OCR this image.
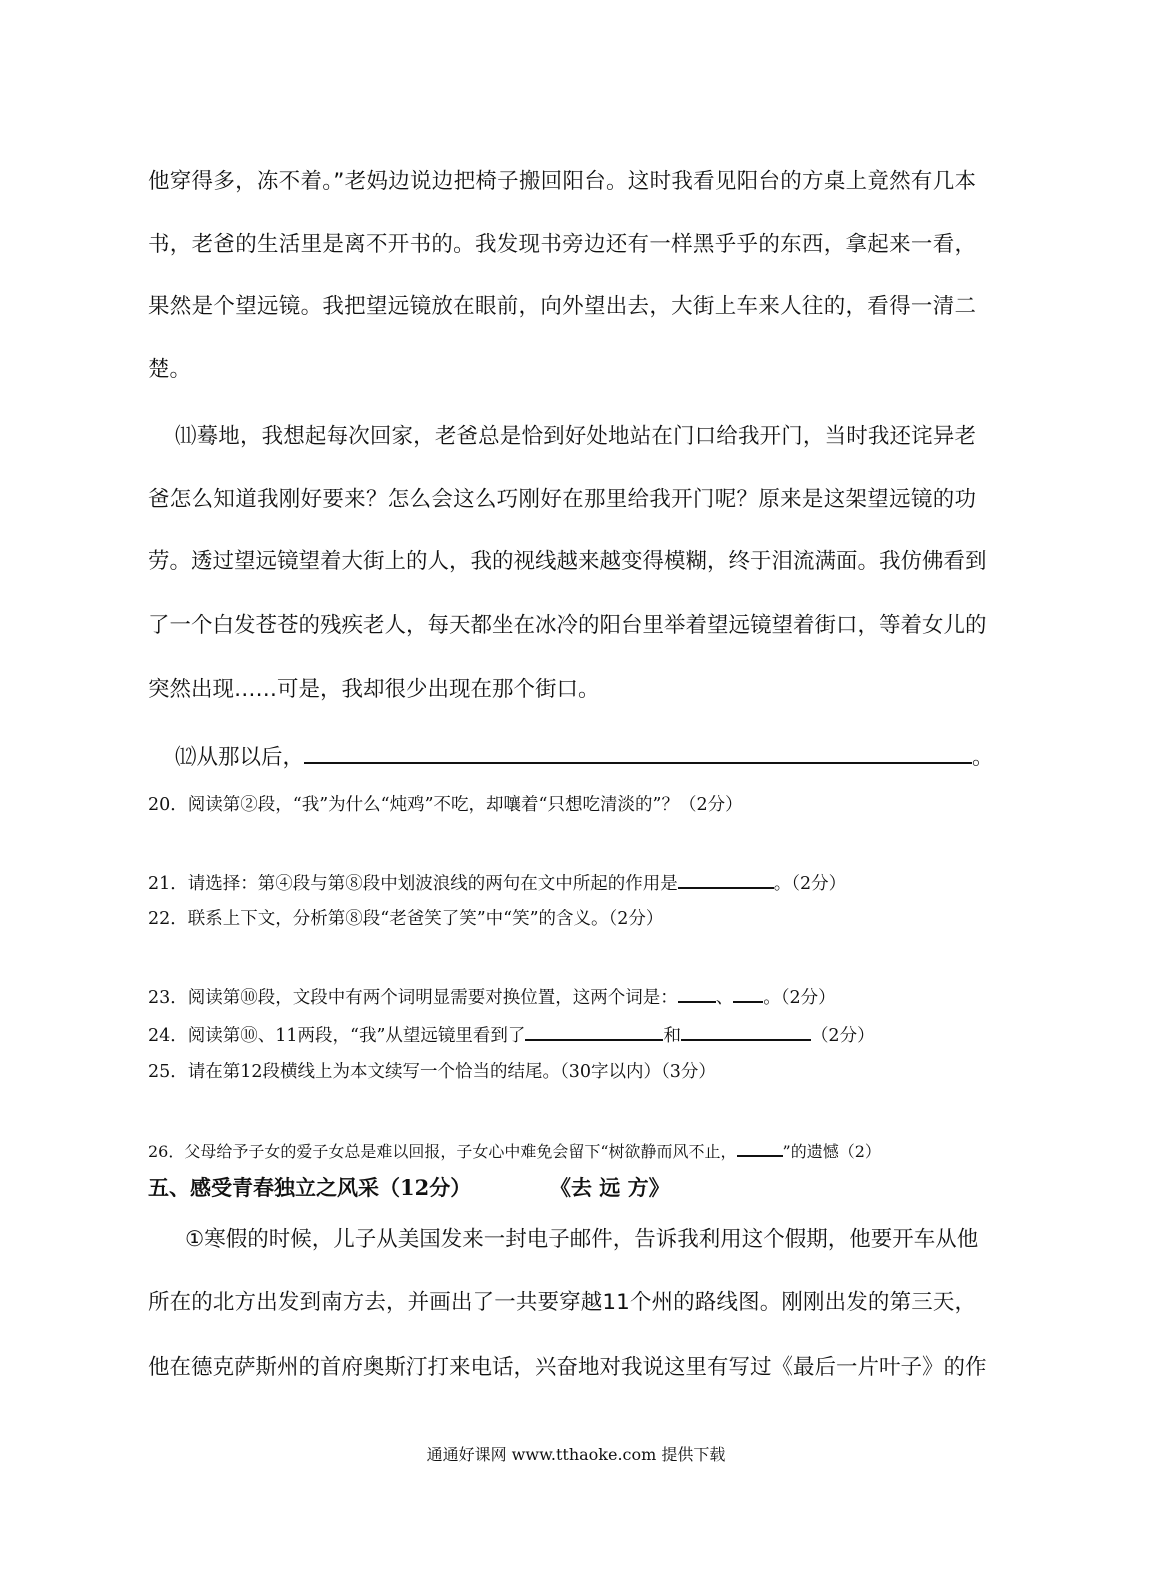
他穿得多，冻不着。”老妈边说边把椅子搬回阳台。这时我看见阳台的方桌上竟然有几本
书，老爸的生活里是离不开书的。我发现书旁边还有一样黑乎乎的东西，拿起来一看，
果然是个望远镜。我把望远镜放在眼前，向外望出去，大街上车来人往的，看得一清二
楚。
⑾蓦地，我想起每次回家，老爸总是恰到好处地站在门口给我开门，当时我还诧异老
爸怎么知道我刚好要来？怎么会这么巧刚好在那里给我开门呢？原来是这架望远镜的功
劳。透过望远镜望着大街上的人，我的视线越来越变得模糊，终于泪流满面。我仿佛看到
了一个白发苍苍的残疾老人，每天都坐在冰冷的阳台里举着望远镜望着街口，等着女儿的
突然出现……可是，我却很少出现在那个街口。
⑿从那以后，	。
20．阅读第②段，“我”为什么“炖鸡”不吃，却嚷着“只想吃清淡的”？（2分）
21．请选择：第④段与第⑧段中划波浪线的两句在文中所起的作用是	。（2分）
22．联系上下文，分析第⑧段“老爸笑了笑”中“笑”的含义。（2分）
23．阅读第⑩段，文段中有两个词明显需要对换位置，这两个词是： 、 。（2分）
24．阅读第⑩、11两段，“我”从望远镜里看到了	和	（2分）
25．请在第12段横线上为本文续写一个恰当的结尾。（30字以内）（3分）
26．父母给予子女的爱子女总是难以回报，子女心中难免会留下“树欲静而风不止，	”的遗憾（2）
五、感受青春独立之风采（12分）	《去 远 方》
①寒假的时候，儿子从美国发来一封电子邮件，告诉我利用这个假期，他要开车从他
所在的北方出发到南方去，并画出了一共要穿越11个州的路线图。刚刚出发的第三天，
他在德克萨斯州的首府奥斯汀打来电话，兴奋地对我说这里有写过《最后一片叶子》的作
通通好课网 www.tthaoke.com 提供下载
